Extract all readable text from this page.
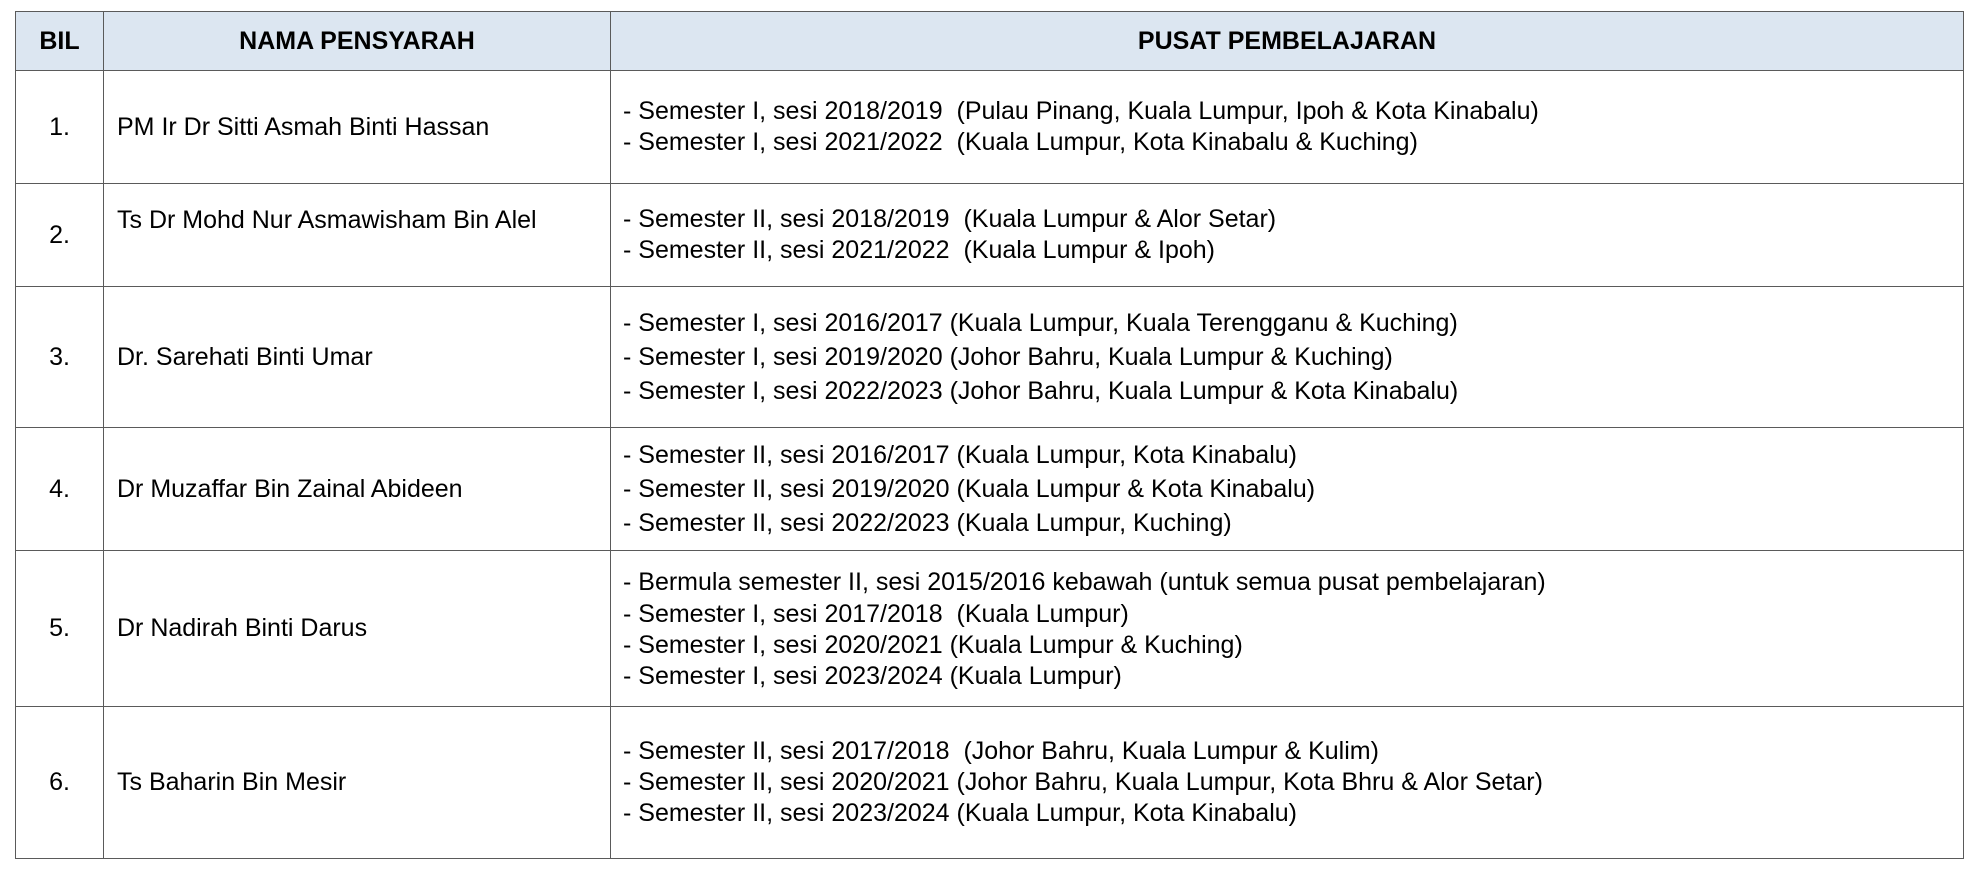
BIL	NAMA PENSYARAH	PUSAT PEMBELAJARAN
1.	PM Ir Dr Sitti Asmah Binti Hassan	- Semester I, sesi 2018/2019  (Pulau Pinang, Kuala Lumpur, Ipoh & Kota Kinabalu)
- Semester I, sesi 2021/2022  (Kuala Lumpur, Kota Kinabalu & Kuching)

2.	Ts Dr Mohd Nur Asmawisham Bin Alel	- Semester II, sesi 2018/2019  (Kuala Lumpur & Alor Setar)
- Semester II, sesi 2021/2022  (Kuala Lumpur & Ipoh)

3.	Dr. Sarehati Binti Umar	- Semester I, sesi 2016/2017 (Kuala Lumpur, Kuala Terengganu & Kuching)
- Semester I, sesi 2019/2020 (Johor Bahru, Kuala Lumpur & Kuching)
- Semester I, sesi 2022/2023 (Johor Bahru, Kuala Lumpur & Kota Kinabalu)

4.	Dr Muzaffar Bin Zainal Abideen	- Semester II, sesi 2016/2017 (Kuala Lumpur, Kota Kinabalu)
- Semester II, sesi 2019/2020 (Kuala Lumpur & Kota Kinabalu)
- Semester II, sesi 2022/2023 (Kuala Lumpur, Kuching)

5.	Dr Nadirah Binti Darus	- Bermula semester II, sesi 2015/2016 kebawah (untuk semua pusat pembelajaran)
- Semester I, sesi 2017/2018  (Kuala Lumpur)
- Semester I, sesi 2020/2021 (Kuala Lumpur & Kuching)
- Semester I, sesi 2023/2024 (Kuala Lumpur)

6.	Ts Baharin Bin Mesir	- Semester II, sesi 2017/2018  (Johor Bahru, Kuala Lumpur & Kulim)
- Semester II, sesi 2020/2021 (Johor Bahru, Kuala Lumpur, Kota Bhru & Alor Setar)
- Semester II, sesi 2023/2024 (Kuala Lumpur, Kota Kinabalu)
